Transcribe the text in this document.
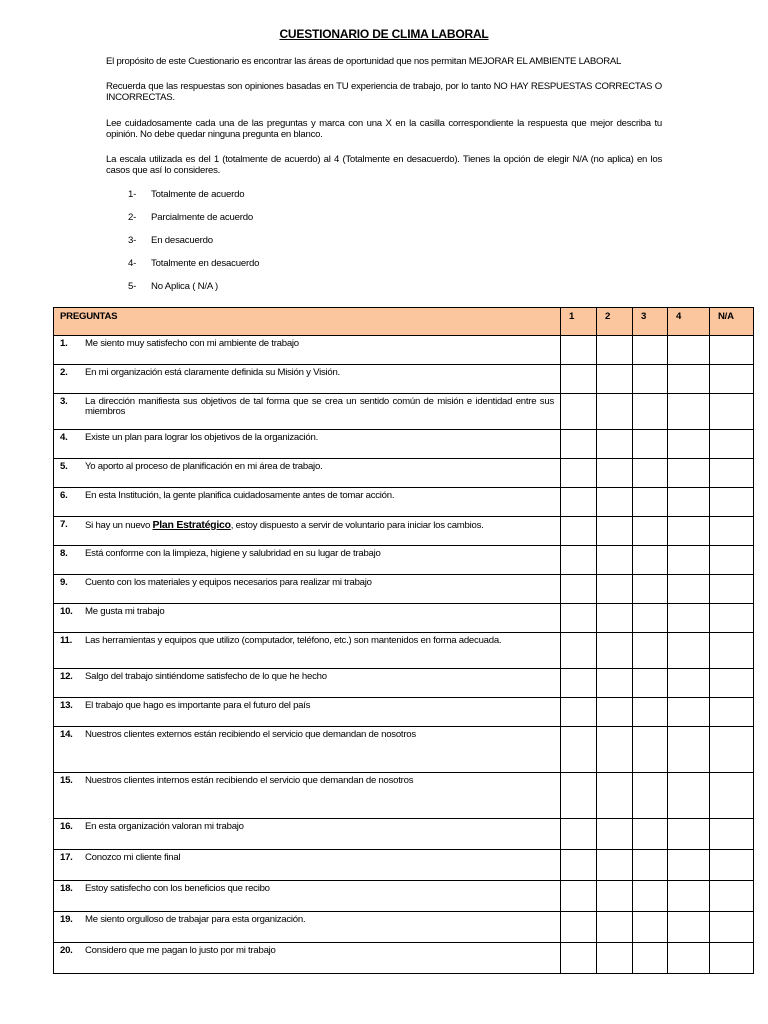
CUESTIONARIO DE CLIMA LABORAL
El propósito de este Cuestionario es encontrar las áreas de oportunidad que nos permitan MEJORAR EL AMBIENTE LABORAL
Recuerda que las respuestas son opiniones basadas en TU experiencia de trabajo, por lo tanto NO HAY RESPUESTAS CORRECTAS O INCORRECTAS.
Lee cuidadosamente cada una de las preguntas y marca con una X en la casilla correspondiente la respuesta que mejor describa tu opinión. No debe quedar ninguna pregunta en blanco.
La escala utilizada es del 1 (totalmente de acuerdo) al 4 (Totalmente en desacuerdo). Tienes la opción de elegir N/A (no aplica) en los casos que así lo consideres.
1- Totalmente de acuerdo
2- Parcialmente de acuerdo
3- En desacuerdo
4- Totalmente en desacuerdo
5- No Aplica ( N/A )
PREGUNTAS	1	2	3	4	N/A

1. Me siento muy satisfecho con mi ambiente de trabajo					

2. En mi organización está claramente definida su Misión y Visión.					

3. La dirección manifiesta sus objetivos de tal forma que se crea un sentido común de misión e identidad entre sus miembros					

4. Existe un plan para lograr los objetivos de la organización.					

5. Yo aporto al proceso de planificación en mi área de trabajo.					

6. En esta Institución, la gente planifica cuidadosamente antes de tomar acción.					

7. Si hay un nuevo Plan Estratégico, estoy dispuesto a servir de voluntario para iniciar los cambios.					

8. Está conforme con la limpieza, higiene y salubridad en su lugar de trabajo					

9. Cuento con los materiales y equipos necesarios para realizar mi trabajo					

10. Me gusta mi trabajo					

11. Las herramientas y equipos que utilizo (computador, teléfono, etc.) son mantenidos en forma adecuada.					

12. Salgo del trabajo sintiéndome satisfecho de lo que he hecho					

13. El trabajo que hago es importante para el futuro del país					

14. Nuestros clientes externos están recibiendo el servicio que demandan de nosotros					

15. Nuestros clientes internos están recibiendo el servicio que demandan de nosotros					

16. En esta organización valoran mi trabajo					

17. Conozco mi cliente final					

18. Estoy satisfecho con los beneficios que recibo					

19. Me siento orgulloso de trabajar para esta organización.					

20. Considero que me pagan lo justo por mi trabajo					
